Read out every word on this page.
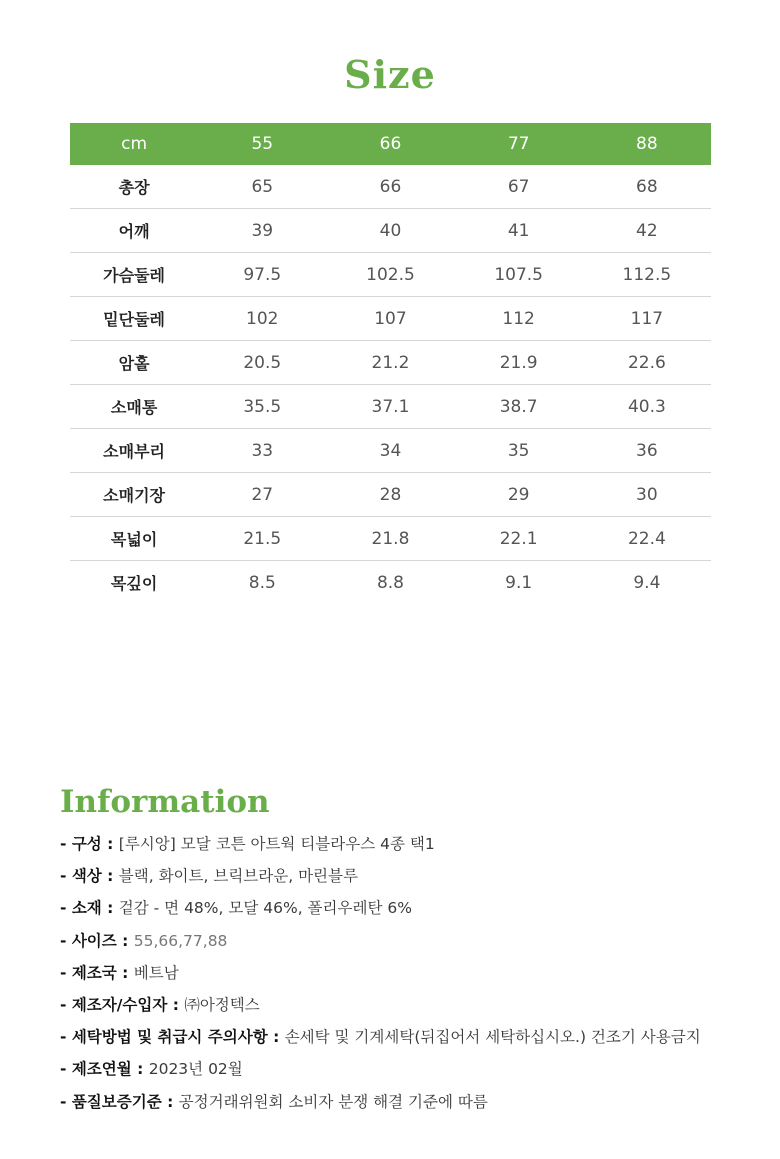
Size
cm	55	66	77	88
총장	65	66	67	68
어깨	39	40	41	42
가슴둘레	97.5	102.5	107.5	112.5
밑단둘레	102	107	112	117
암홀	20.5	21.2	21.9	22.6
소매통	35.5	37.1	38.7	40.3
소매부리	33	34	35	36
소매기장	27	28	29	30
목넓이	21.5	21.8	22.1	22.4
목깊이	8.5	8.8	9.1	9.4
Information
- 구성 : [루시앙] 모달 코튼 아트웍 티블라우스 4종 택1
- 색상 : 블랙, 화이트, 브릭브라운, 마린블루
- 소재 : 겉감 - 면 48%, 모달 46%, 폴리우레탄 6%
- 사이즈 : 55,66,77,88
- 제조국 : 베트남
- 제조자/수입자 : ㈜아정텍스
- 세탁방법 및 취급시 주의사항 : 손세탁 및 기계세탁(뒤집어서 세탁하십시오.) 건조기 사용금지
- 제조연월 : 2023년 02월
- 품질보증기준 : 공정거래위원회 소비자 분쟁 해결 기준에 따름
